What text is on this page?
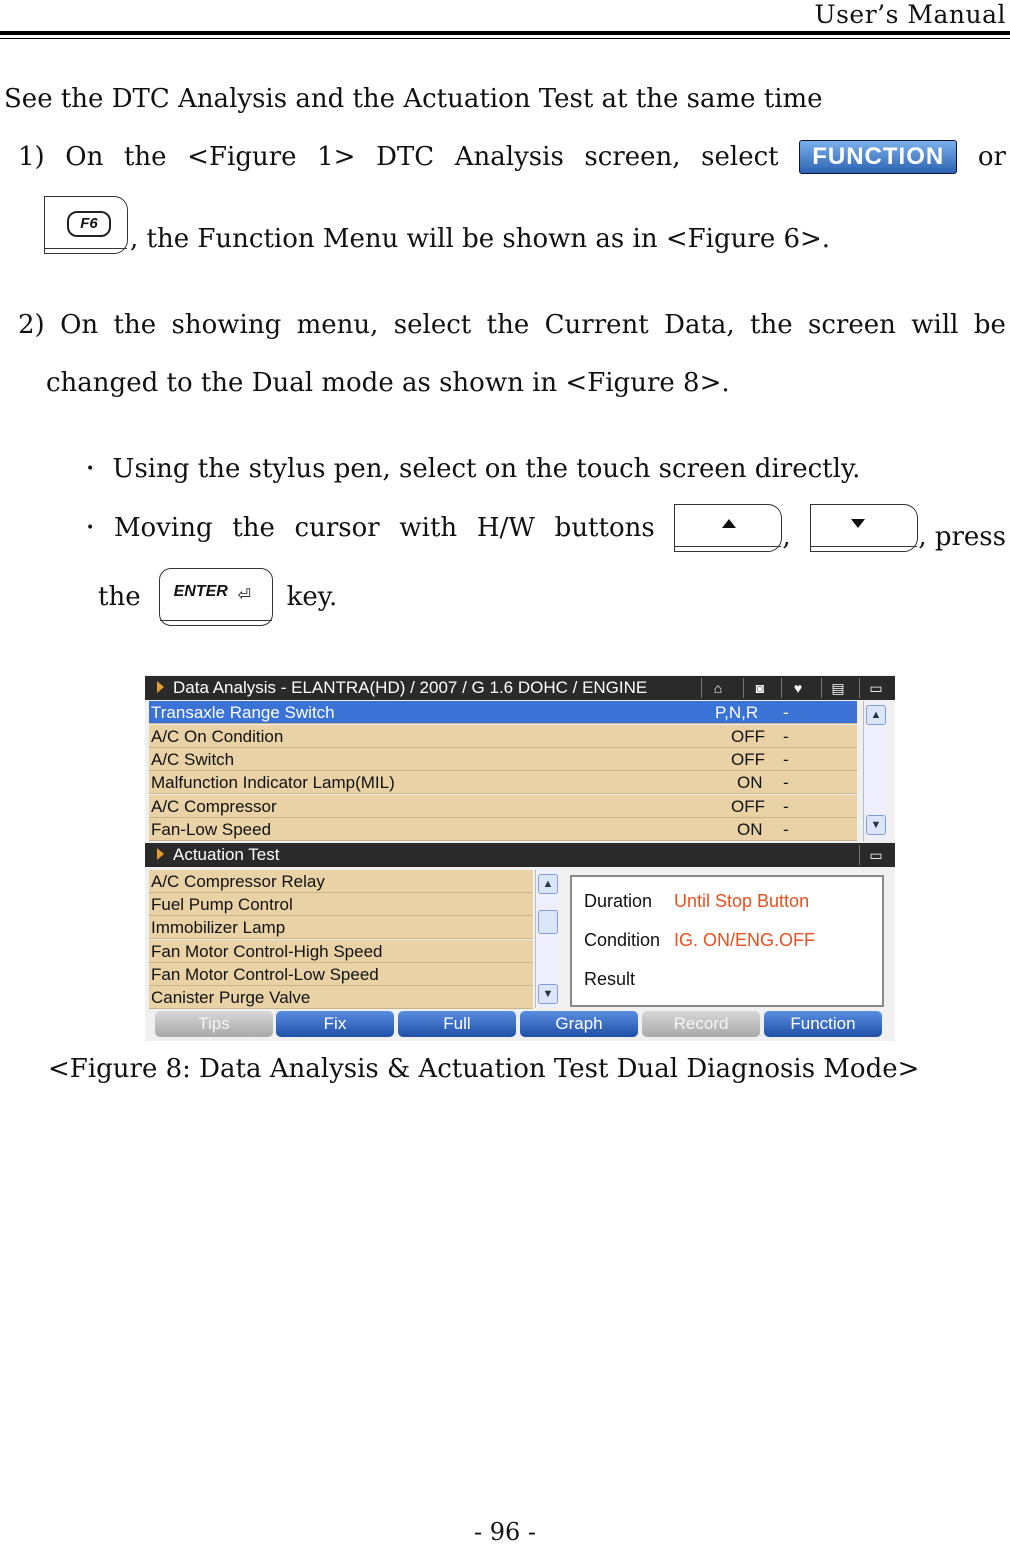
User’s Manual
See the DTC Analysis and the Actuation Test at the same time
1) On the <Figure 1> DTC Analysis screen, select	FUNCTION	or
F6
, the Function Menu will be shown as in <Figure 6>.
2) On the showing menu, select the Current Data, the screen will be
changed to the Dual mode as shown in <Figure 8>.
• Using the stylus pen, select on the touch screen directly.
• Moving the cursor with H/W buttons	,	, press
the ENTER ⏎ key.
Data Analysis - ELANTRA(HD) / 2007 / G 1.6 DOHC / ENGINE	⌂	◙	♥	▤	▭
Transaxle Range Switch	P,N,R -
A/C On Condition	OFF -
A/C Switch	OFF -
Malfunction Indicator Lamp(MIL)	ON -
A/C Compressor	OFF -
Fan-Low Speed	ON -
▲
▼
Actuation Test	▭
A/C Compressor Relay
Fuel Pump Control
Immobilizer Lamp
Fan Motor Control-High Speed
Fan Motor Control-Low Speed
Canister Purge Valve
▲
▼
Duration Until Stop Button
Condition IG. ON/ENG.OFF
Result
Tips	Fix	Full	Graph	Record	Function
<Figure 8: Data Analysis & Actuation Test Dual Diagnosis Mode>
- 96 -
